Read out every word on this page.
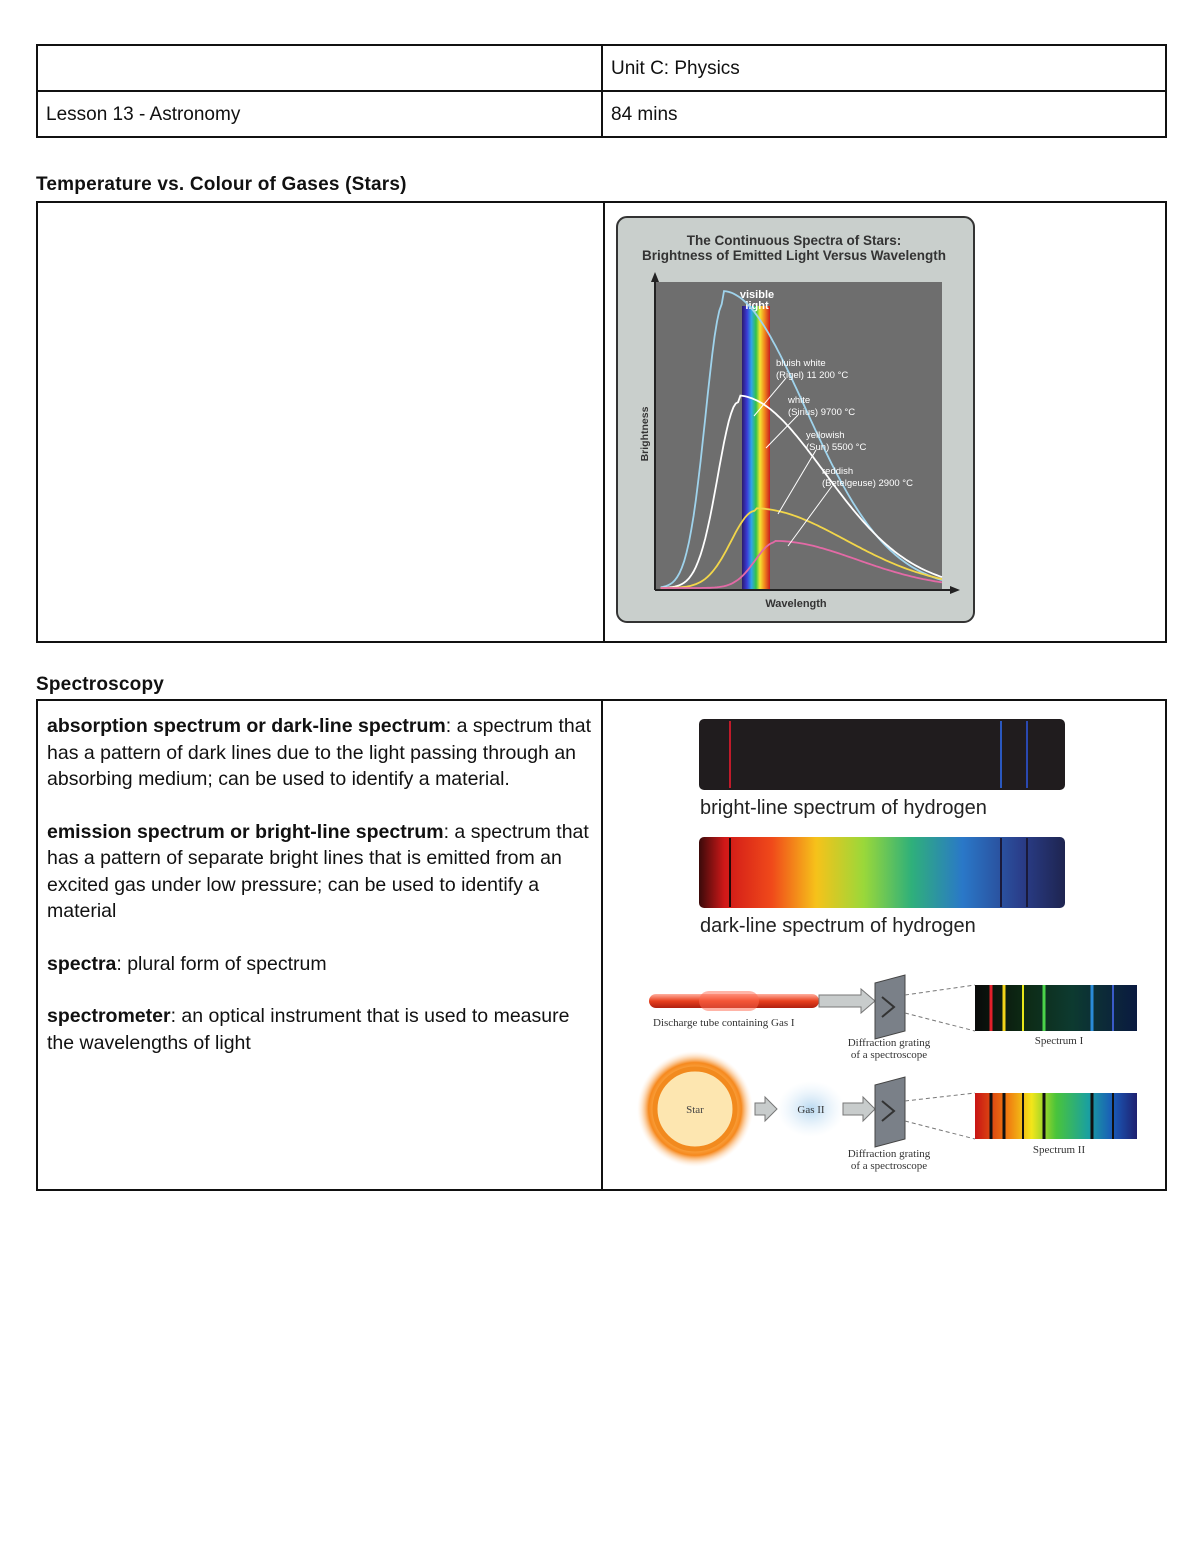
	Unit C: Physics
Lesson 13 - Astronomy	84 mins
Temperature vs. Colour of Gases (Stars)

The Continuous Spectra of Stars:
Brightness of Emitted Light Versus Wavelength
visible
light
Brightness
Wavelength
bluish white
(Rigel) 11 200 °C
white
(Sirius) 9700 °C
yellowish
(Sun) 5500 °C
reddish
(Betelgeuse) 2900 °C
Spectroscopy

absorption spectrum or dark-line spectrum: a spectrum that has a pattern of dark lines due to the light passing through an absorbing medium; can be used to identify a material.

emission spectrum or bright-line spectrum: a spectrum that has a pattern of separate bright lines that is emitted from an excited gas under low pressure; can be used to identify a material

spectra: plural form of spectrum

spectrometer: an optical instrument that is used to measure the wavelengths of light

bright-line spectrum of hydrogen
dark-line spectrum of hydrogen
Discharge tube containing Gas I
Diffraction grating
of a spectroscope
Spectrum I
Star	Gas II
Diffraction grating
of a spectroscope
Spectrum II
